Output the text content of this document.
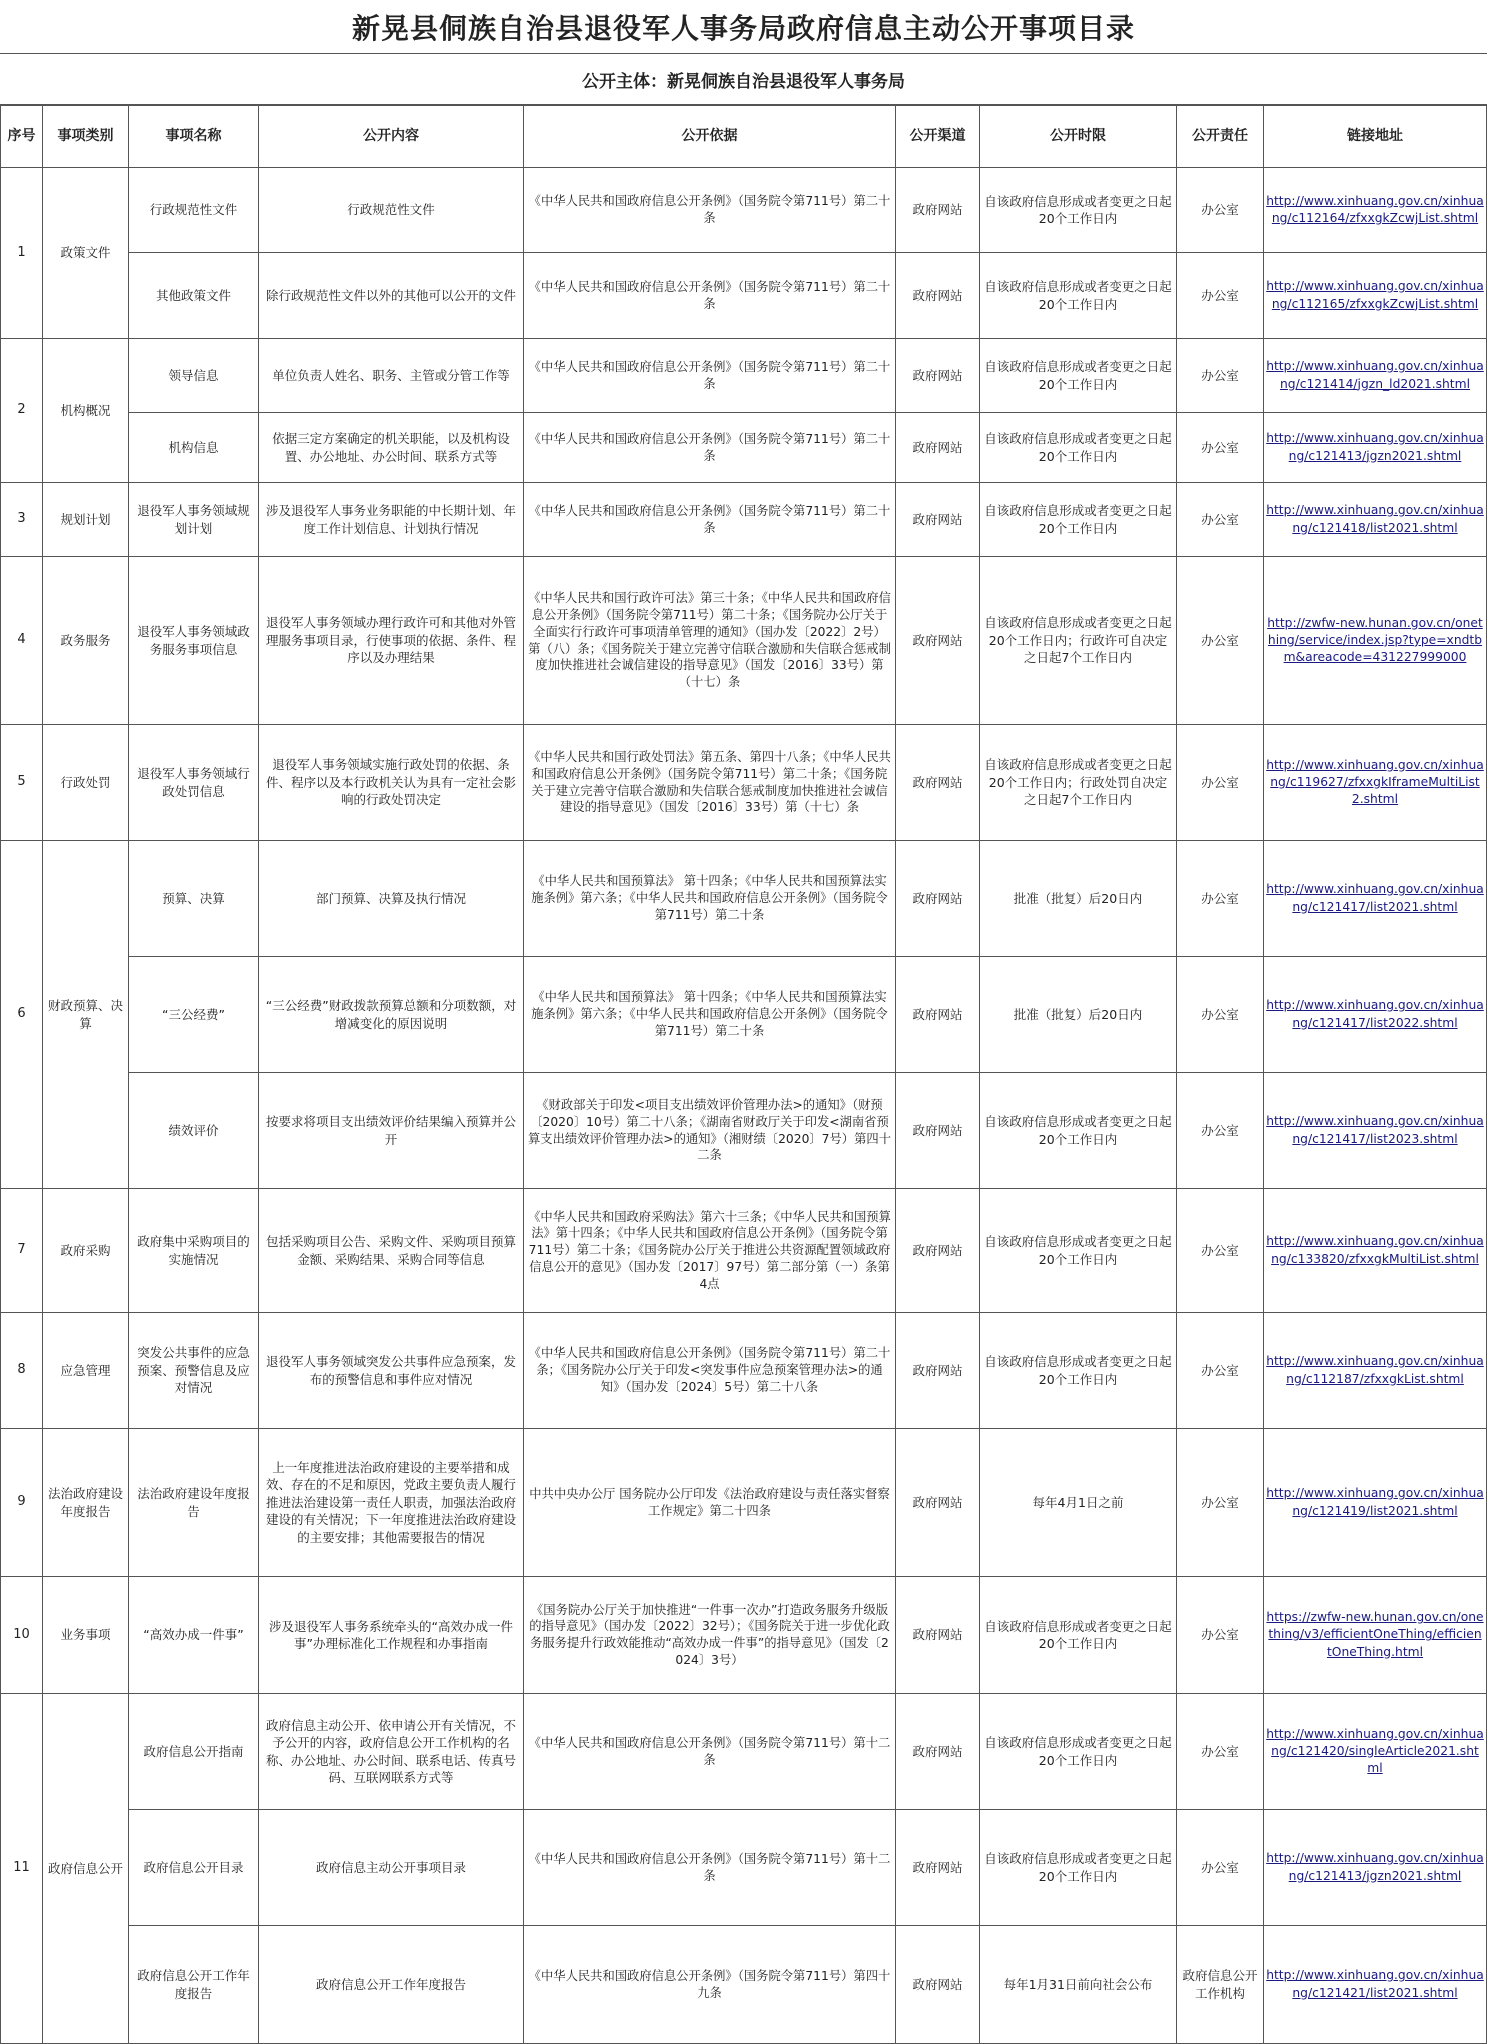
新晃县侗族自治县退役军人事务局政府信息主动公开事项目录
公开主体：新晃侗族自治县退役军人事务局
序号	事项类别	事项名称	公开内容	公开依据	公开渠道	公开时限	公开责任	链接地址
1	政策文件	行政规范性文件	行政规范性文件	《中华人民共和国政府信息公开条例》（国务院令第711号）第二十条	政府网站	自该政府信息形成或者变更之日起20个工作日内	办公室	http://www.xinhuang.gov.cn/xinhuang/c112164/zfxxgkZcwjList.shtml
		其他政策文件	除行政规范性文件以外的其他可以公开的文件	《中华人民共和国政府信息公开条例》（国务院令第711号）第二十条	政府网站	自该政府信息形成或者变更之日起20个工作日内	办公室	http://www.xinhuang.gov.cn/xinhuang/c112165/zfxxgkZcwjList.shtml
2	机构概况	领导信息	单位负责人姓名、职务、主管或分管工作等	《中华人民共和国政府信息公开条例》（国务院令第711号）第二十条	政府网站	自该政府信息形成或者变更之日起20个工作日内	办公室	http://www.xinhuang.gov.cn/xinhuang/c121414/jgzn_ld2021.shtml
		机构信息	依据三定方案确定的机关职能，以及机构设置、办公地址、办公时间、联系方式等	《中华人民共和国政府信息公开条例》（国务院令第711号）第二十条	政府网站	自该政府信息形成或者变更之日起20个工作日内	办公室	http://www.xinhuang.gov.cn/xinhuang/c121413/jgzn2021.shtml
3	规划计划	退役军人事务领域规划计划	涉及退役军人事务业务职能的中长期计划、年度工作计划信息、计划执行情况	《中华人民共和国政府信息公开条例》（国务院令第711号）第二十条	政府网站	自该政府信息形成或者变更之日起20个工作日内	办公室	http://www.xinhuang.gov.cn/xinhuang/c121418/list2021.shtml
4	政务服务	退役军人事务领域政务服务事项信息	退役军人事务领域办理行政许可和其他对外管理服务事项目录，行使事项的依据、条件、程序以及办理结果	《中华人民共和国行政许可法》第三十条；《中华人民共和国政府信息公开条例》（国务院令第711号）第二十条；《国务院办公厅关于全面实行行政许可事项清单管理的通知》（国办发〔2022〕2号）第（八）条；《国务院关于建立完善守信联合激励和失信联合惩戒制度加快推进社会诚信建设的指导意见》（国发〔2016〕33号）第（十七）条	政府网站	自该政府信息形成或者变更之日起20个工作日内；行政许可自决定之日起7个工作日内	办公室	http://zwfw-new.hunan.gov.cn/onething/service/index.jsp?type=xndtbm&areacode=431227999000
5	行政处罚	退役军人事务领域行政处罚信息	退役军人事务领域实施行政处罚的依据、条件、程序以及本行政机关认为具有一定社会影响的行政处罚决定	《中华人民共和国行政处罚法》第五条、第四十八条；《中华人民共和国政府信息公开条例》（国务院令第711号）第二十条；《国务院关于建立完善守信联合激励和失信联合惩戒制度加快推进社会诚信建设的指导意见》（国发〔2016〕33号）第（十七）条	政府网站	自该政府信息形成或者变更之日起20个工作日内；行政处罚自决定之日起7个工作日内	办公室	http://www.xinhuang.gov.cn/xinhuang/c119627/zfxxgkIframeMultiList2.shtml
6	财政预算、决算	预算、决算	部门预算、决算及执行情况	《中华人民共和国预算法》 第十四条；《中华人民共和国预算法实施条例》第六条；《中华人民共和国政府信息公开条例》（国务院令第711号）第二十条	政府网站	批准（批复）后20日内	办公室	http://www.xinhuang.gov.cn/xinhuang/c121417/list2021.shtml
		“三公经费”	“三公经费”财政拨款预算总额和分项数额，对增减变化的原因说明	《中华人民共和国预算法》 第十四条；《中华人民共和国预算法实施条例》第六条；《中华人民共和国政府信息公开条例》（国务院令第711号）第二十条	政府网站	批准（批复）后20日内	办公室	http://www.xinhuang.gov.cn/xinhuang/c121417/list2022.shtml
		绩效评价	按要求将项目支出绩效评价结果编入预算并公开	《财政部关于印发<项目支出绩效评价管理办法>的通知》（财预〔2020〕10号）第二十八条；《湖南省财政厅关于印发<湖南省预算支出绩效评价管理办法>的通知》（湘财绩〔2020〕7号）第四十二条	政府网站	自该政府信息形成或者变更之日起20个工作日内	办公室	http://www.xinhuang.gov.cn/xinhuang/c121417/list2023.shtml
7	政府采购	政府集中采购项目的实施情况	包括采购项目公告、采购文件、采购项目预算金额、采购结果、采购合同等信息	《中华人民共和国政府采购法》第六十三条；《中华人民共和国预算法》第十四条；《中华人民共和国政府信息公开条例》（国务院令第711号）第二十条；《国务院办公厅关于推进公共资源配置领域政府信息公开的意见》（国办发〔2017〕97号）第二部分第（一）条第4点	政府网站	自该政府信息形成或者变更之日起20个工作日内	办公室	http://www.xinhuang.gov.cn/xinhuang/c133820/zfxxgkMultiList.shtml
8	应急管理	突发公共事件的应急预案、预警信息及应对情况	退役军人事务领域突发公共事件应急预案，发布的预警信息和事件应对情况	《中华人民共和国政府信息公开条例》（国务院令第711号）第二十条；《国务院办公厅关于印发<突发事件应急预案管理办法>的通知》（国办发〔2024〕5号）第二十八条	政府网站	自该政府信息形成或者变更之日起20个工作日内	办公室	http://www.xinhuang.gov.cn/xinhuang/c112187/zfxxgkList.shtml
9	法治政府建设年度报告	法治政府建设年度报告	上一年度推进法治政府建设的主要举措和成效、存在的不足和原因，党政主要负责人履行推进法治建设第一责任人职责，加强法治政府建设的有关情况；下一年度推进法治政府建设的主要安排；其他需要报告的情况	中共中央办公厅 国务院办公厅印发《法治政府建设与责任落实督察工作规定》第二十四条	政府网站	每年4月1日之前	办公室	http://www.xinhuang.gov.cn/xinhuang/c121419/list2021.shtml
10	业务事项	“高效办成一件事”	涉及退役军人事务系统牵头的“高效办成一件事”办理标准化工作规程和办事指南	《国务院办公厅关于加快推进“一件事一次办”打造政务服务升级版的指导意见》（国办发〔2022〕32号）；《国务院关于进一步优化政务服务提升行政效能推动“高效办成一件事”的指导意见》（国发〔2024〕3号）	政府网站	自该政府信息形成或者变更之日起20个工作日内	办公室	https://zwfw-new.hunan.gov.cn/onething/v3/efficientOneThing/efficientOneThing.html
11	政府信息公开	政府信息公开指南	政府信息主动公开、依申请公开有关情况，不予公开的内容，政府信息公开工作机构的名称、办公地址、办公时间、联系电话、传真号码、互联网联系方式等	《中华人民共和国政府信息公开条例》（国务院令第711号）第十二条	政府网站	自该政府信息形成或者变更之日起20个工作日内	办公室	http://www.xinhuang.gov.cn/xinhuang/c121420/singleArticle2021.shtml
		政府信息公开目录	政府信息主动公开事项目录	《中华人民共和国政府信息公开条例》（国务院令第711号）第十二条	政府网站	自该政府信息形成或者变更之日起20个工作日内	办公室	http://www.xinhuang.gov.cn/xinhuang/c121413/jgzn2021.shtml
		政府信息公开工作年度报告	政府信息公开工作年度报告	《中华人民共和国政府信息公开条例》（国务院令第711号）第四十九条	政府网站	每年1月31日前向社会公布	政府信息公开工作机构	http://www.xinhuang.gov.cn/xinhuang/c121421/list2021.shtml
